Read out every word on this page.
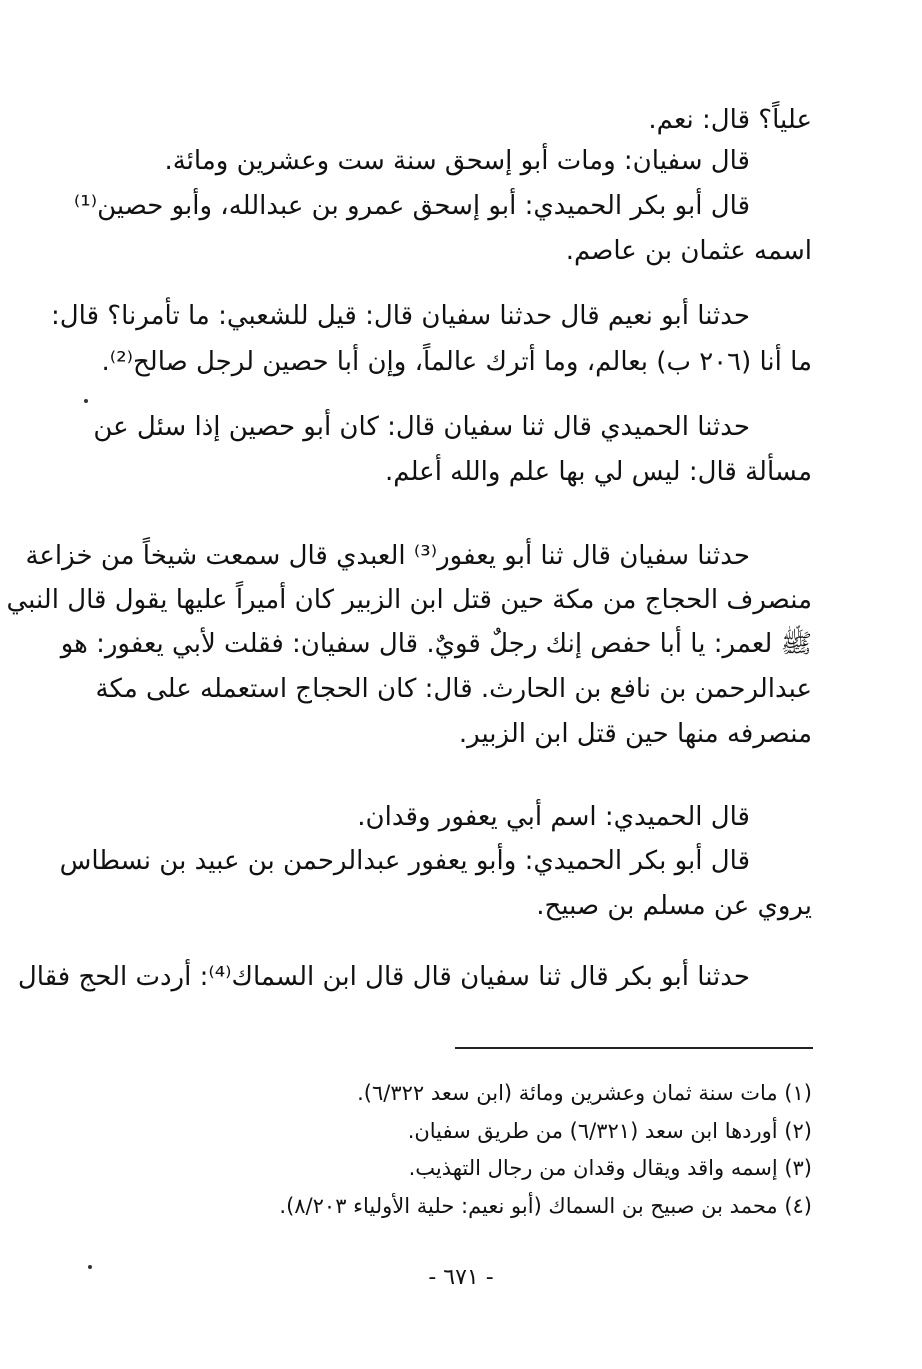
علياً؟ قال: نعم.
قال سفيان: ومات أبو إسحق سنة ست وعشرين ومائة.
قال أبو بكر الحميدي: أبو إسحق عمرو بن عبدالله، وأبو حصين⁽¹⁾
اسمه عثمان بن عاصم.
حدثنا أبو نعيم قال حدثنا سفيان قال: قيل للشعبي: ما تأمرنا؟ قال:
ما أنا (٢٠٦ ب) بعالم، وما أترك عالماً، وإن أبا حصين لرجل صالح⁽²⁾.
حدثنا الحميدي قال ثنا سفيان قال: كان أبو حصين إذا سئل عن
مسألة قال: ليس لي بها علم والله أعلم.
حدثنا سفيان قال ثنا أبو يعفور⁽³⁾ العبدي قال سمعت شيخاً من خزاعة
منصرف الحجاج من مكة حين قتل ابن الزبير كان أميراً عليها يقول قال النبي
ﷺ لعمر: يا أبا حفص إنك رجلٌ قويٌ. قال سفيان: فقلت لأبي يعفور: هو
عبدالرحمن بن نافع بن الحارث. قال: كان الحجاج استعمله على مكة
منصرفه منها حين قتل ابن الزبير.
قال الحميدي: اسم أبي يعفور وقدان.
قال أبو بكر الحميدي: وأبو يعفور عبدالرحمن بن عبيد بن نسطاس
يروي عن مسلم بن صبيح.
حدثنا أبو بكر قال ثنا سفيان قال قال ابن السماك⁽⁴⁾: أردت الحج فقال
(١) مات سنة ثمان وعشرين ومائة (ابن سعد ٦/٣٢٢).
(٢) أوردها ابن سعد (٦/٣٢١) من طريق سفيان.
(٣) إسمه واقد ويقال وقدان من رجال التهذيب.
(٤) محمد بن صبيح بن السماك (أبو نعيم: حلية الأولياء ٨/٢٠٣).
- ٦٧١ -
